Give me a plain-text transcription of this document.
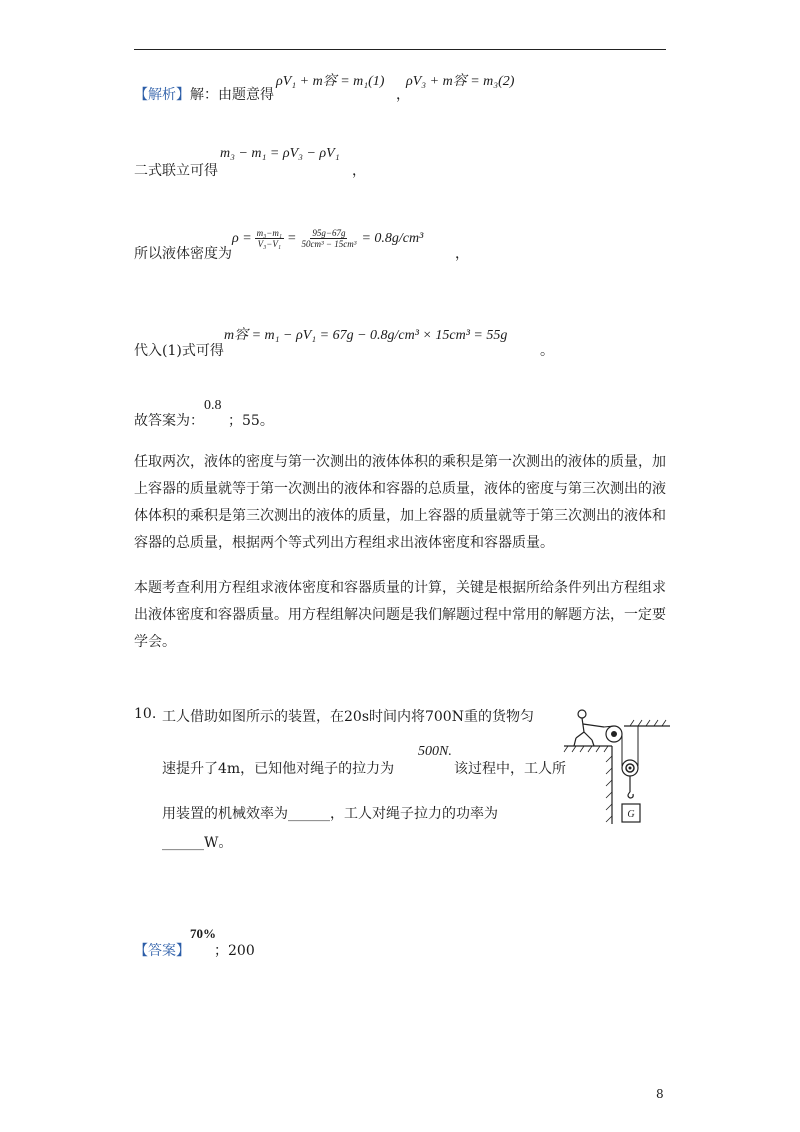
【解析】解：由题意得
ρV₁ + m容 = m₁(1)
，
ρV₃ + m容 = m₃(2)
二式联立可得
m₃ − m₁ = ρV₃ − ρV₁
，
所以液体密度为
$\rho = \frac{\text{m₃−m₁}}{\text{V₃−V₁}} = \frac{95g-67g}{\text{50cm³ − 15cm³}} = 0.8g/cm^3$
，
代入(1)式可得
m容 = m₁ − ρV₁ = 67g − 0.8g/cm³ × 15cm³ = 55g
。
故答案为：
0.8
；55。
任取两次，液体的密度与第一次测出的液体体积的乘积是第一次测出的液体的质量，加
上容器的质量就等于第一次测出的液体和容器的总质量，液体的密度与第三次测出的液
体体积的乘积是第三次测出的液体的质量，加上容器的质量就等于第三次测出的液体和
容器的总质量，根据两个等式列出方程组求出液体密度和容器质量。
本题考查利用方程组求液体密度和容器质量的计算，关键是根据所给条件列出方程组求
出液体密度和容器质量。用方程组解决问题是我们解题过程中常用的解题方法，一定要
学会。
10. 工人借助如图所示的装置，在20s时间内将700N重的货物匀
速提升了4m，已知他对绳子的拉力为
500N.
该过程中，工人所
用装置的机械效率为______，工人对绳子拉力的功率为
______W。
G
【答案】
70%
；200
8
